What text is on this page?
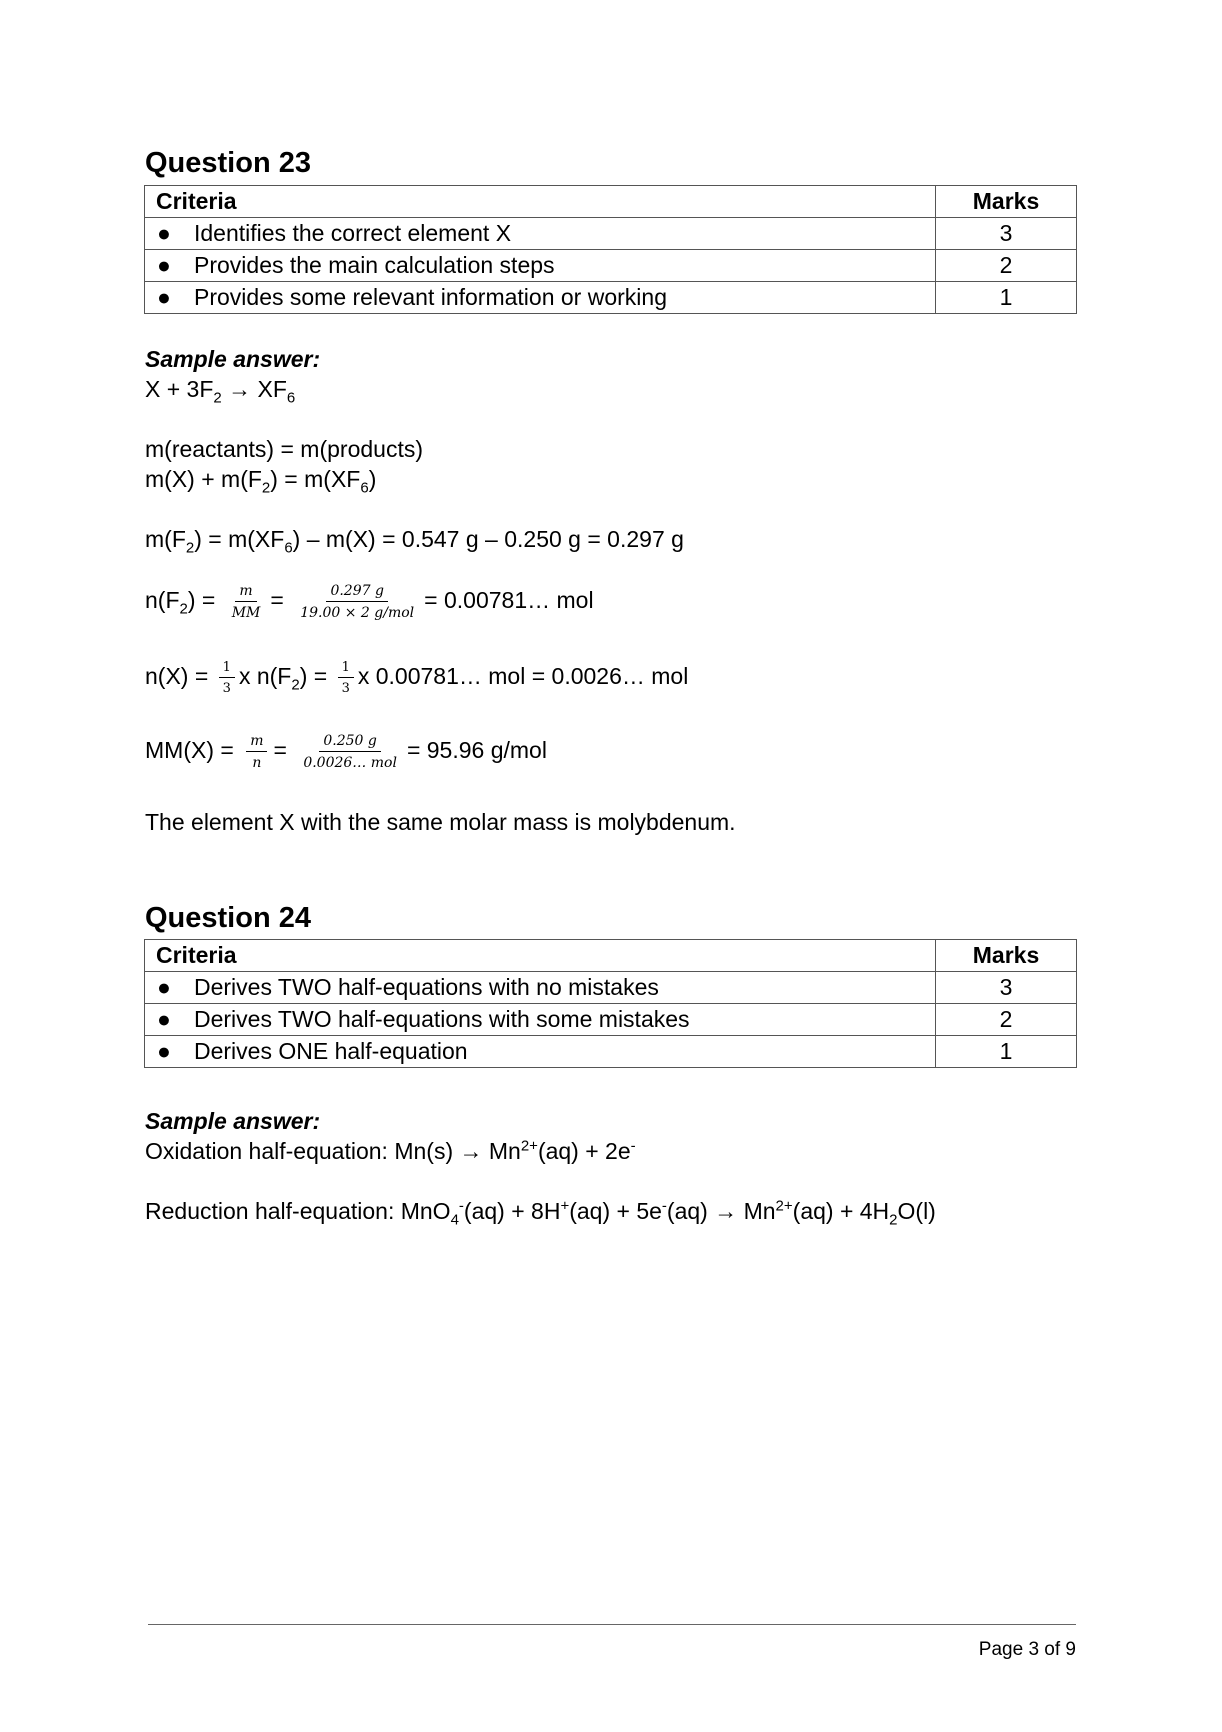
Question 23
Criteria	Marks
● Identifies the correct element X	3
● Provides the main calculation steps	2
● Provides some relevant information or working	1
Sample answer:
$X + 3F_2 \to XF_6$
m(reactants) = m(products)
$m(X) + m(F_2) = m(XF_6)$
$m(F_2) = m(XF_6) - m(X) = 0.547$ g – 0.250 g = 0.297 g
$n(F_2) = \frac{m}{MM} = \frac{0.297 g}{\text{19.00 × 2 g/mol}}$ = 0.00781… mol
$n(X) = \frac{1}{3}$ x $n(F_2) = \frac{1}{3}$ x 0.00781… mol = 0.0026… mol
$MM(X) = \frac{m}{n} = \frac{0.250 g}{\text{0.0026… mol}} = 95.96$ g/mol
The element X with the same molar mass is molybdenum.
Question 24
Criteria	Marks
● Derives TWO half-equations with no mistakes	3
● Derives TWO half-equations with some mistakes	2
● Derives ONE half-equation	1
Sample answer:
Oxidation half-equation: $Mn(s) \to Mn^{2+}(aq) + 2e^-$
Reduction half-equation: $MnO_4^-(aq) + 8H^+(aq) + 5e^-(aq) \to Mn^{2+}(aq) + 4H_2O(l)$
Page 3 of 9
